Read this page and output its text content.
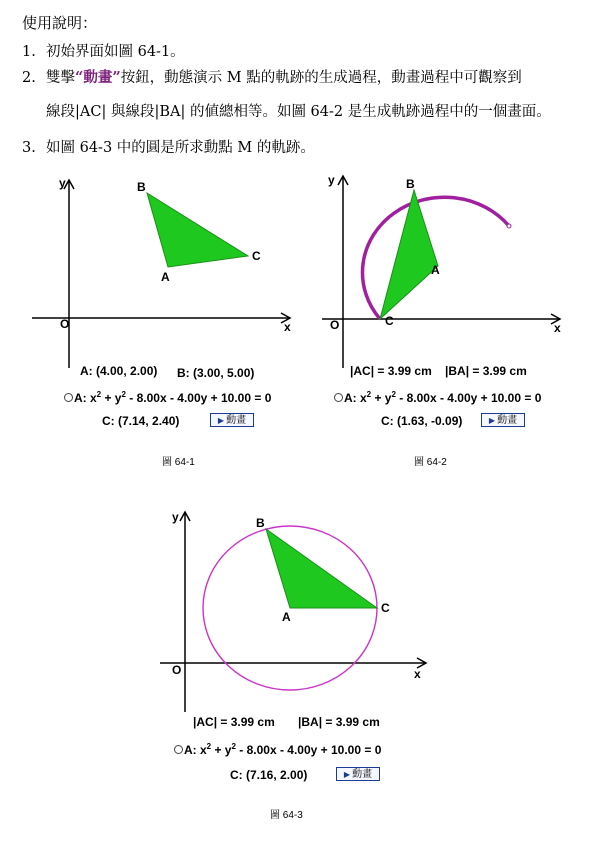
使用說明：
1. 初始界面如圖 64-1。
2. 雙擊“動畫”按鈕，動態演示 M 點的軌跡的生成過程，動畫過程中可觀察到
線段|AC| 與線段|BA| 的値總相等。如圖 64-2 是生成軌跡過程中的一個畫面。
3. 如圖 64-3 中的圓是所求動點 M 的軌跡。
y
x
O
B
C
A
A: (4.00, 2.00) B: (3.00, 5.00)
A: $x^2 + y^2 - 8.00x - 4.00y + 10.00 = 0$
C: (7.14, 2.40)	▶ 動畫
圖 64-1
y
x
O
B
A
C
|AC| = 3.99 cm |BA| = 3.99 cm
A: $x^2 + y^2 - 8.00x - 4.00y + 10.00 = 0$
C: (1.63, -0.09)	▶ 動畫
圖 64-2
y
x
O
B
C
A
|AC| = 3.99 cm |BA| = 3.99 cm
A: $x^2 + y^2 - 8.00x - 4.00y + 10.00 = 0$
C: (7.16, 2.00)	▶ 動畫
圖 64-3
